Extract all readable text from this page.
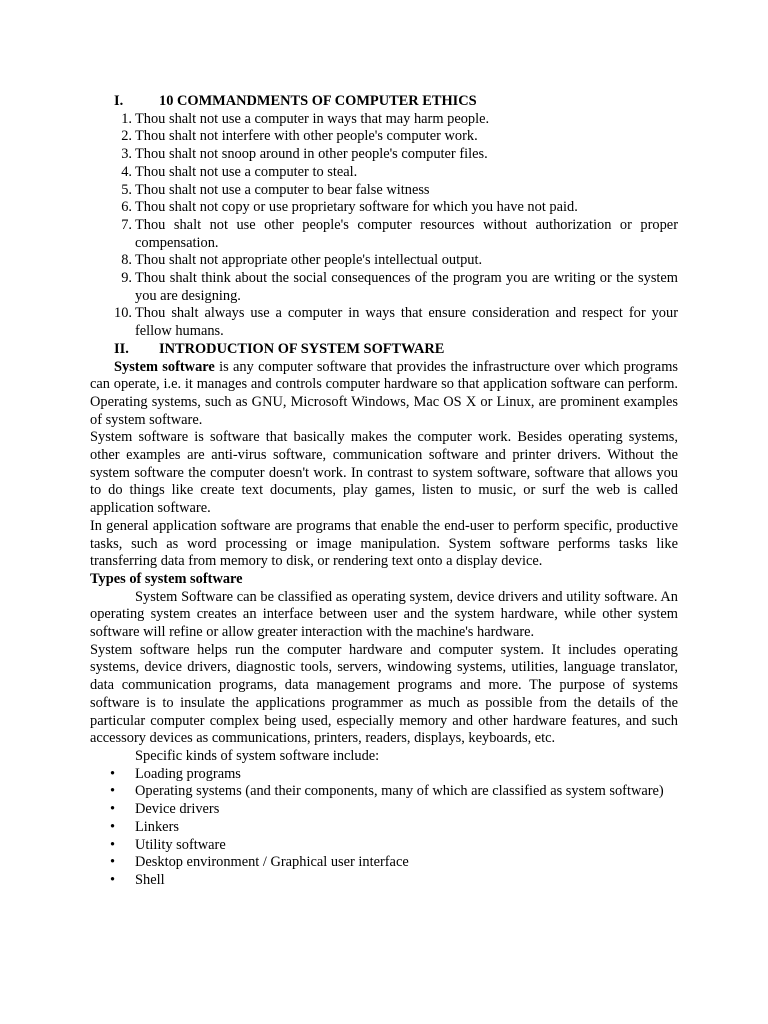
I. 10 COMMANDMENTS OF COMPUTER ETHICS
1. Thou shalt not use a computer in ways that may harm people.
2. Thou shalt not interfere with other people's computer work.
3. Thou shalt not snoop around in other people's computer files.
4. Thou shalt not use a computer to steal.
5. Thou shalt not use a computer to bear false witness
6. Thou shalt not copy or use proprietary software for which you have not paid.
7. Thou shalt not use other people's computer resources without authorization or proper compensation.
8. Thou shalt not appropriate other people's intellectual output.
9. Thou shalt think about the social consequences of the program you are writing or the system you are designing.
10. Thou shalt always use a computer in ways that ensure consideration and respect for your fellow humans.
II. INTRODUCTION OF SYSTEM SOFTWARE

System software is any computer software that provides the infrastructure over which programs can operate, i.e. it manages and controls computer hardware so that application software can perform. Operating systems, such as GNU, Microsoft Windows, Mac OS X or Linux, are prominent examples of system software.

System software is software that basically makes the computer work. Besides operating systems, other examples are anti-virus software, communication software and printer drivers. Without the system software the computer doesn't work. In contrast to system software, software that allows you to do things like create text documents, play games, listen to music, or surf the web is called application software.

In general application software are programs that enable the end-user to perform specific, productive tasks, such as word processing or image manipulation. System software performs tasks like transferring data from memory to disk, or rendering text onto a display device.

Types of system software

System Software can be classified as operating system, device drivers and utility software. An operating system creates an interface between user and the system hardware, while other system software will refine or allow greater interaction with the machine's hardware.

System software helps run the computer hardware and computer system. It includes operating systems, device drivers, diagnostic tools, servers, windowing systems, utilities, language translator, data communication programs, data management programs and more. The purpose of systems software is to insulate the applications programmer as much as possible from the details of the particular computer complex being used, especially memory and other hardware features, and such accessory devices as communications, printers, readers, displays, keyboards, etc.

Specific kinds of system software include:

• Loading programs
• Operating systems (and their components, many of which are classified as system software)
• Device drivers
• Linkers
• Utility software
• Desktop environment / Graphical user interface
• Shell
